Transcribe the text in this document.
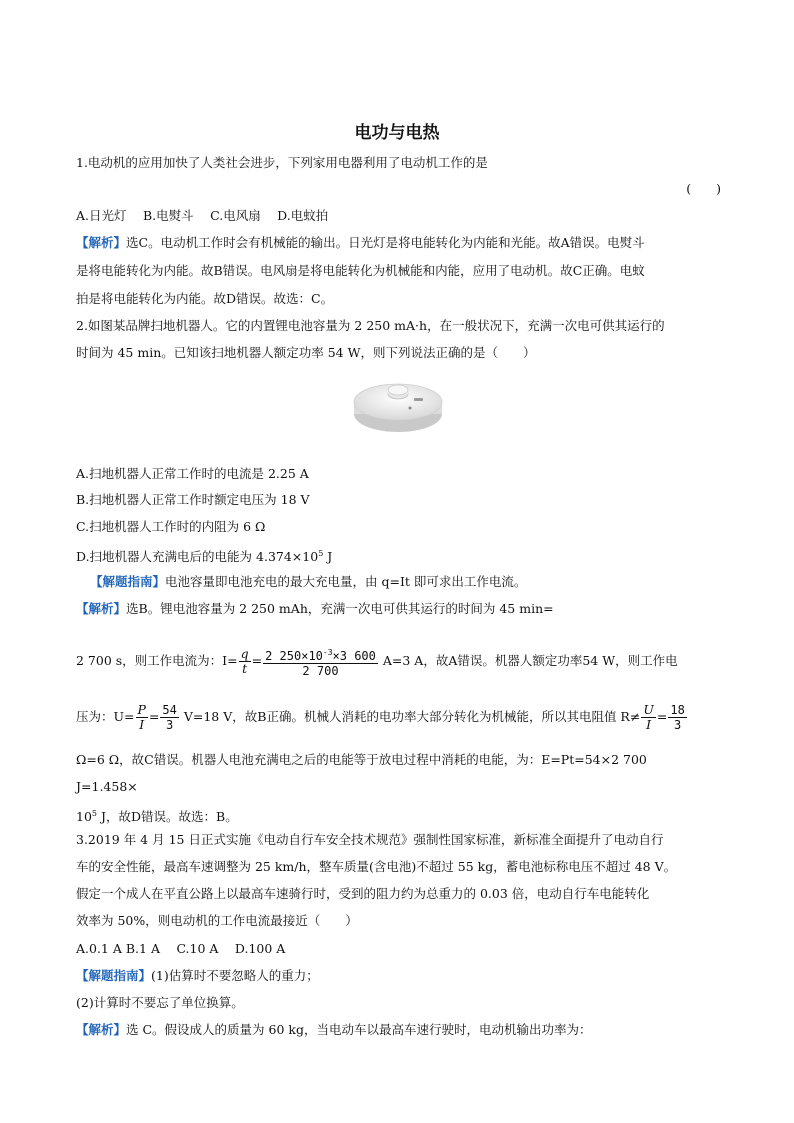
电功与电热
1.电动机的应用加快了人类社会进步，下列家用电器利用了电动机工作的是
(　　)
A.日光灯　 B.电熨斗　 C.电风扇　 D.电蚊拍
【解析】选C。电动机工作时会有机械能的输出。日光灯是将电能转化为内能和光能。故A错误。电熨斗
是将电能转化为内能。故B错误。电风扇是将电能转化为机械能和内能，应用了电动机。故C正确。电蚊
拍是将电能转化为内能。故D错误。故选：C。
2.如图某品牌扫地机器人。它的内置锂电池容量为 2 250 mA·h，在一般状况下，充满一次电可供其运行的
时间为 45 min。已知该扫地机器人额定功率 54 W，则下列说法正确的是（　　）
A.扫地机器人正常工作时的电流是 2.25 A
B.扫地机器人正常工作时额定电压为 18 V
C.扫地机器人工作时的内阻为 6 Ω
D.扫地机器人充满电后的电能为 $4.374\times 10^5$ J
【解题指南】电池容量即电池充电的最大充电量，由 q=It 即可求出工作电流。
【解析】选B。锂电池容量为 2 250 mAh，充满一次电可供其运行的时间为 45 min=
2 700 s，则工作电流为：$I= \frac{q}{t} = \frac{2 250\times 10^{-3}\times 3 600}{2 700} A=3$ A，故A错误。机器人额定功率54 W，则工作电
压为：$U= \frac{P}{I} = \frac{54}{3} V=18$ V，故B正确。机械人消耗的电功率大部分转化为机械能，所以其电阻值 $R\ne \frac{U}{I} = \frac{18}{3}$
Ω=6 Ω，故C错误。机器人电池充满电之后的电能等于放电过程中消耗的电能，为：E=Pt=54×2 700
J=1.458×
$10^5$ J，故D错误。故选：B。
3.2019 年 4 月 15 日正式实施《电动自行车安全技术规范》强制性国家标准，新标准全面提升了电动自行
车的安全性能，最高车速调整为 25 km/h，整车质量(含电池)不超过 55 kg，蓄电池标称电压不超过 48 V。
假定一个成人在平直公路上以最高车速骑行时，受到的阻力约为总重力的 0.03 倍，电动自行车电能转化
效率为 50%，则电动机的工作电流最接近（　　）
A.0.1 A B.1 A　 C.10 A　 D.100 A
【解题指南】(1)估算时不要忽略人的重力；
(2)计算时不要忘了单位换算。
【解析】选 C。假设成人的质量为 60 kg，当电动车以最高车速行驶时，电动机输出功率为：
